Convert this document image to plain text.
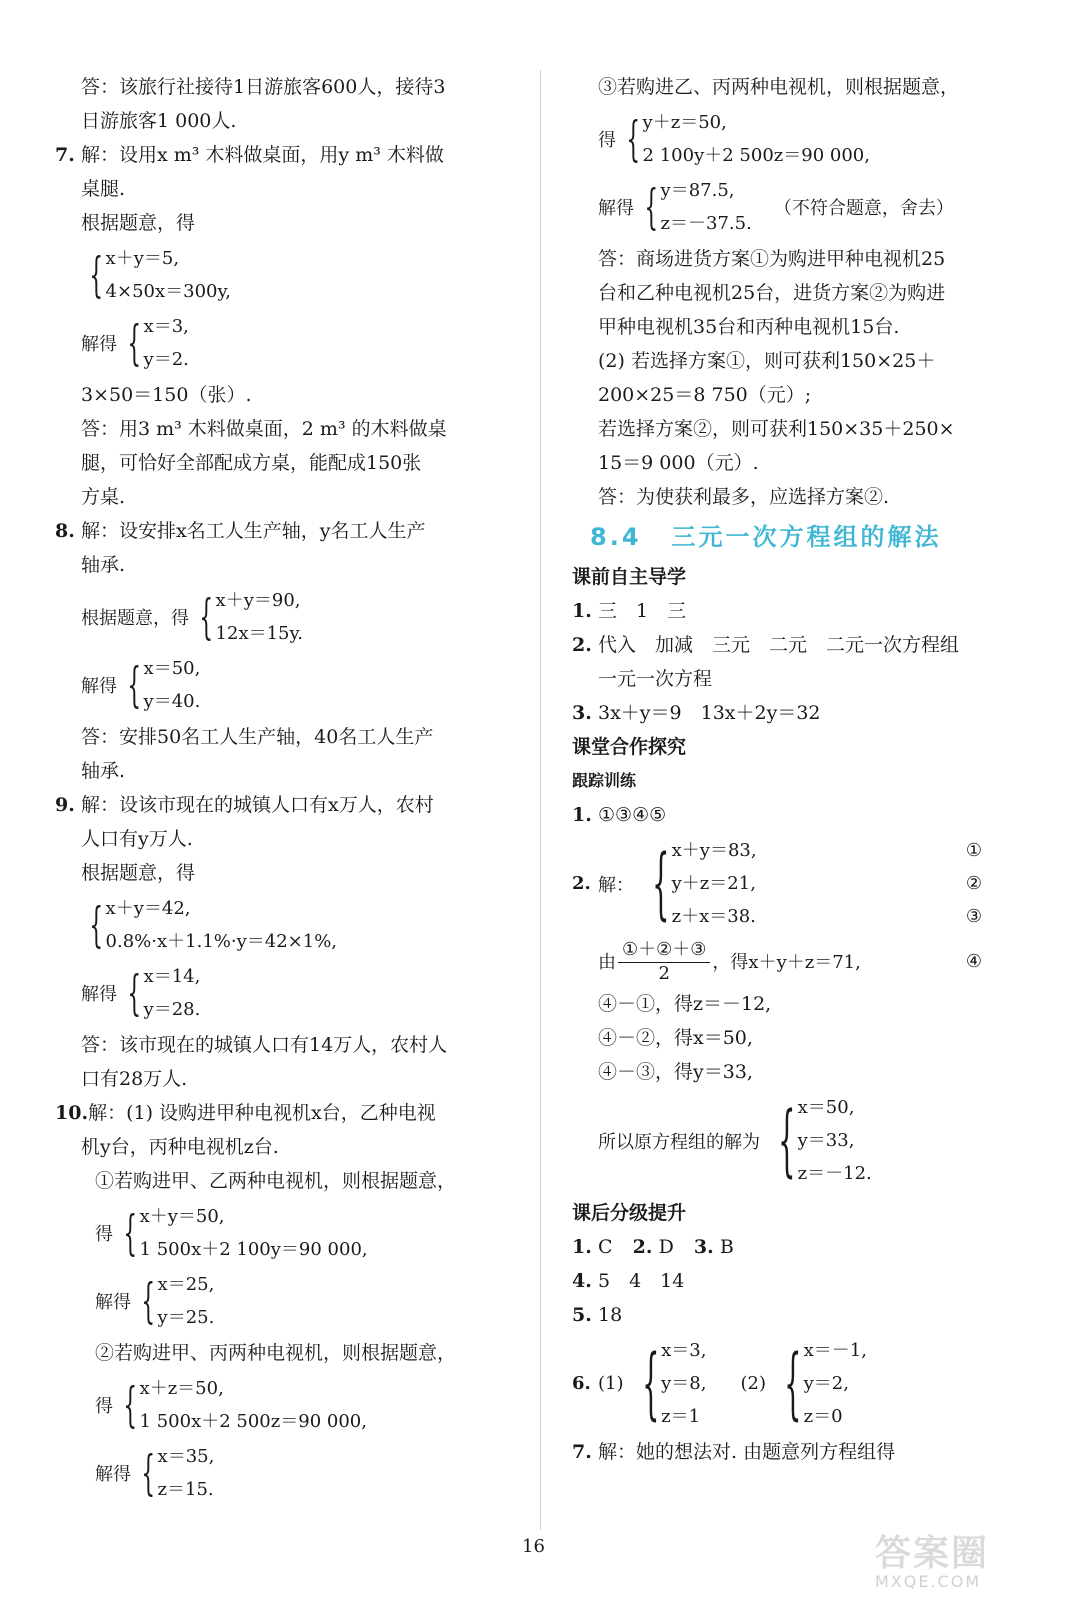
答：该旅行社接待1日游旅客600人，接待3
日游旅客1 000人.
7. 解：设用x m³ 木料做桌面，用y m³ 木料做
桌腿.
根据题意，得
{ x＋y＝5,
4×50x＝300y,
解得 { x＝3,
y＝2.
3×50＝150（张）.
答：用3 m³ 木料做桌面，2 m³ 的木料做桌
腿，可恰好全部配成方桌，能配成150张
方桌.
8. 解：设安排x名工人生产轴，y名工人生产
轴承.
根据题意，得 { x＋y＝90,
12x＝15y.
解得 { x＝50,
y＝40.
答：安排50名工人生产轴，40名工人生产
轴承.
9. 解：设该市现在的城镇人口有x万人，农村
人口有y万人.
根据题意，得
{ x＋y＝42,
0.8%·x＋1.1%·y＝42×1%,
解得 { x＝14,
y＝28.
答：该市现在的城镇人口有14万人，农村人
口有28万人.
10.解：(1) 设购进甲种电视机x台，乙种电视
机y台，丙种电视机z台.
①若购进甲、乙两种电视机，则根据题意，
得 { x＋y＝50,
1 500x＋2 100y＝90 000,
解得 { x＝25,
y＝25.
②若购进甲、丙两种电视机，则根据题意，
得 { x＋z＝50,
1 500x＋2 500z＝90 000,
解得 { x＝35,
z＝15.
③若购进乙、丙两种电视机，则根据题意，
得 { y＋z＝50,
2 100y＋2 500z＝90 000,
解得 { y＝87.5,
z＝－37.5.
（不符合题意，舍去）
答：商场进货方案①为购进甲种电视机25
台和乙种电视机25台，进货方案②为购进
甲种电视机35台和丙种电视机15台.
(2) 若选择方案①，则可获利150×25＋
200×25＝8 750（元）;
若选择方案②，则可获利150×35＋250×
15＝9 000（元）.
答：为使获利最多，应选择方案②.
8.4 三元一次方程组的解法
课前自主导学
1. 三　1　三
2. 代入　加减　三元　二元　二元一次方程组
一元一次方程
3. 3x＋y＝9　13x＋2y＝32
课堂合作探究
跟踪训练
1. ①③④⑤
2. 解： { x＋y＝83,
y＋z＝21,
z＋x＝38.
①
②
③
由 $\frac{\text{①＋②＋③}}{2}$ ，得x＋y＋z＝71,	④
④－①，得z＝－12,
④－②，得x＝50,
④－③，得y＝33,
所以原方程组的解为 { x＝50,
y＝33,
z＝－12.
课后分级提升
1. C 2. D 3. B
4. 5　4　14
5. 18
6. (1) { x＝3,
y＝8,
z＝1
(2) { x＝－1,
y＝2,
z＝0
7. 解：她的想法对. 由题意列方程组得
16	答案圈
MXQE.COM
